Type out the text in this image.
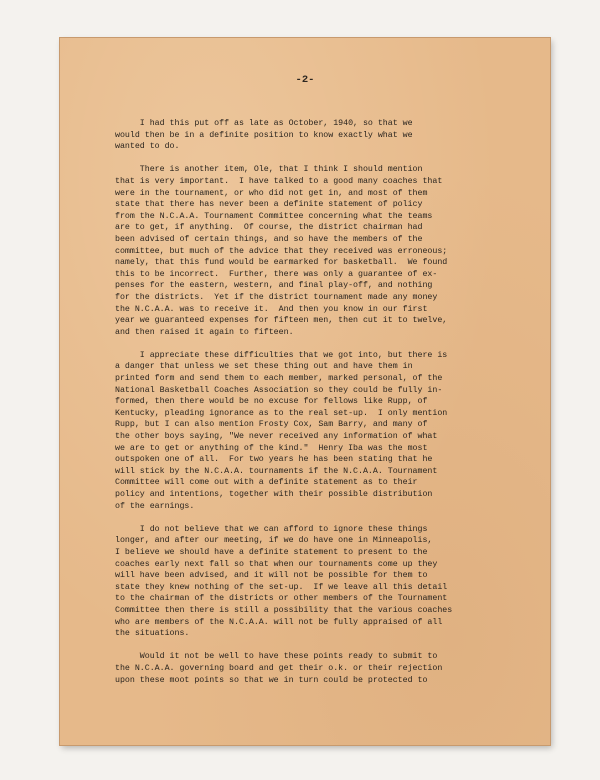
-2-
I had this put off as late as October, 1940, so that we
would then be in a definite position to know exactly what we
wanted to do.
There is another item, Ole, that I think I should mention
that is very important.  I have talked to a good many coaches that
were in the tournament, or who did not get in, and most of them
state that there has never been a definite statement of policy
from the N.C.A.A. Tournament Committee concerning what the teams
are to get, if anything.  Of course, the district chairman had
been advised of certain things, and so have the members of the
committee, but much of the advice that they received was erroneous;
namely, that this fund would be earmarked for basketball.  We found
this to be incorrect.  Further, there was only a guarantee of ex-
penses for the eastern, western, and final play-off, and nothing
for the districts.  Yet if the district tournament made any money
the N.C.A.A. was to receive it.  And then you know in our first
year we guaranteed expenses for fifteen men, then cut it to twelve,
and then raised it again to fifteen.
I appreciate these difficulties that we got into, but there is
a danger that unless we set these thing out and have them in
printed form and send them to each member, marked personal, of the
National Basketball Coaches Association so they could be fully in-
formed, then there would be no excuse for fellows like Rupp, of
Kentucky, pleading ignorance as to the real set-up.  I only mention
Rupp, but I can also mention Frosty Cox, Sam Barry, and many of
the other boys saying, "We never received any information of what
we are to get or anything of the kind."  Henry Iba was the most
outspoken one of all.  For two years he has been stating that he
will stick by the N.C.A.A. tournaments if the N.C.A.A. Tournament
Committee will come out with a definite statement as to their
policy and intentions, together with their possible distribution
of the earnings.
I do not believe that we can afford to ignore these things
longer, and after our meeting, if we do have one in Minneapolis,
I believe we should have a definite statement to present to the
coaches early next fall so that when our tournaments come up they
will have been advised, and it will not be possible for them to
state they knew nothing of the set-up.  If we leave all this detail
to the chairman of the districts or other members of the Tournament
Committee then there is still a possibility that the various coaches
who are members of the N.C.A.A. will not be fully appraised of all
the situations.
Would it not be well to have these points ready to submit to
the N.C.A.A. governing board and get their o.k. or their rejection
upon these moot points so that we in turn could be protected to
